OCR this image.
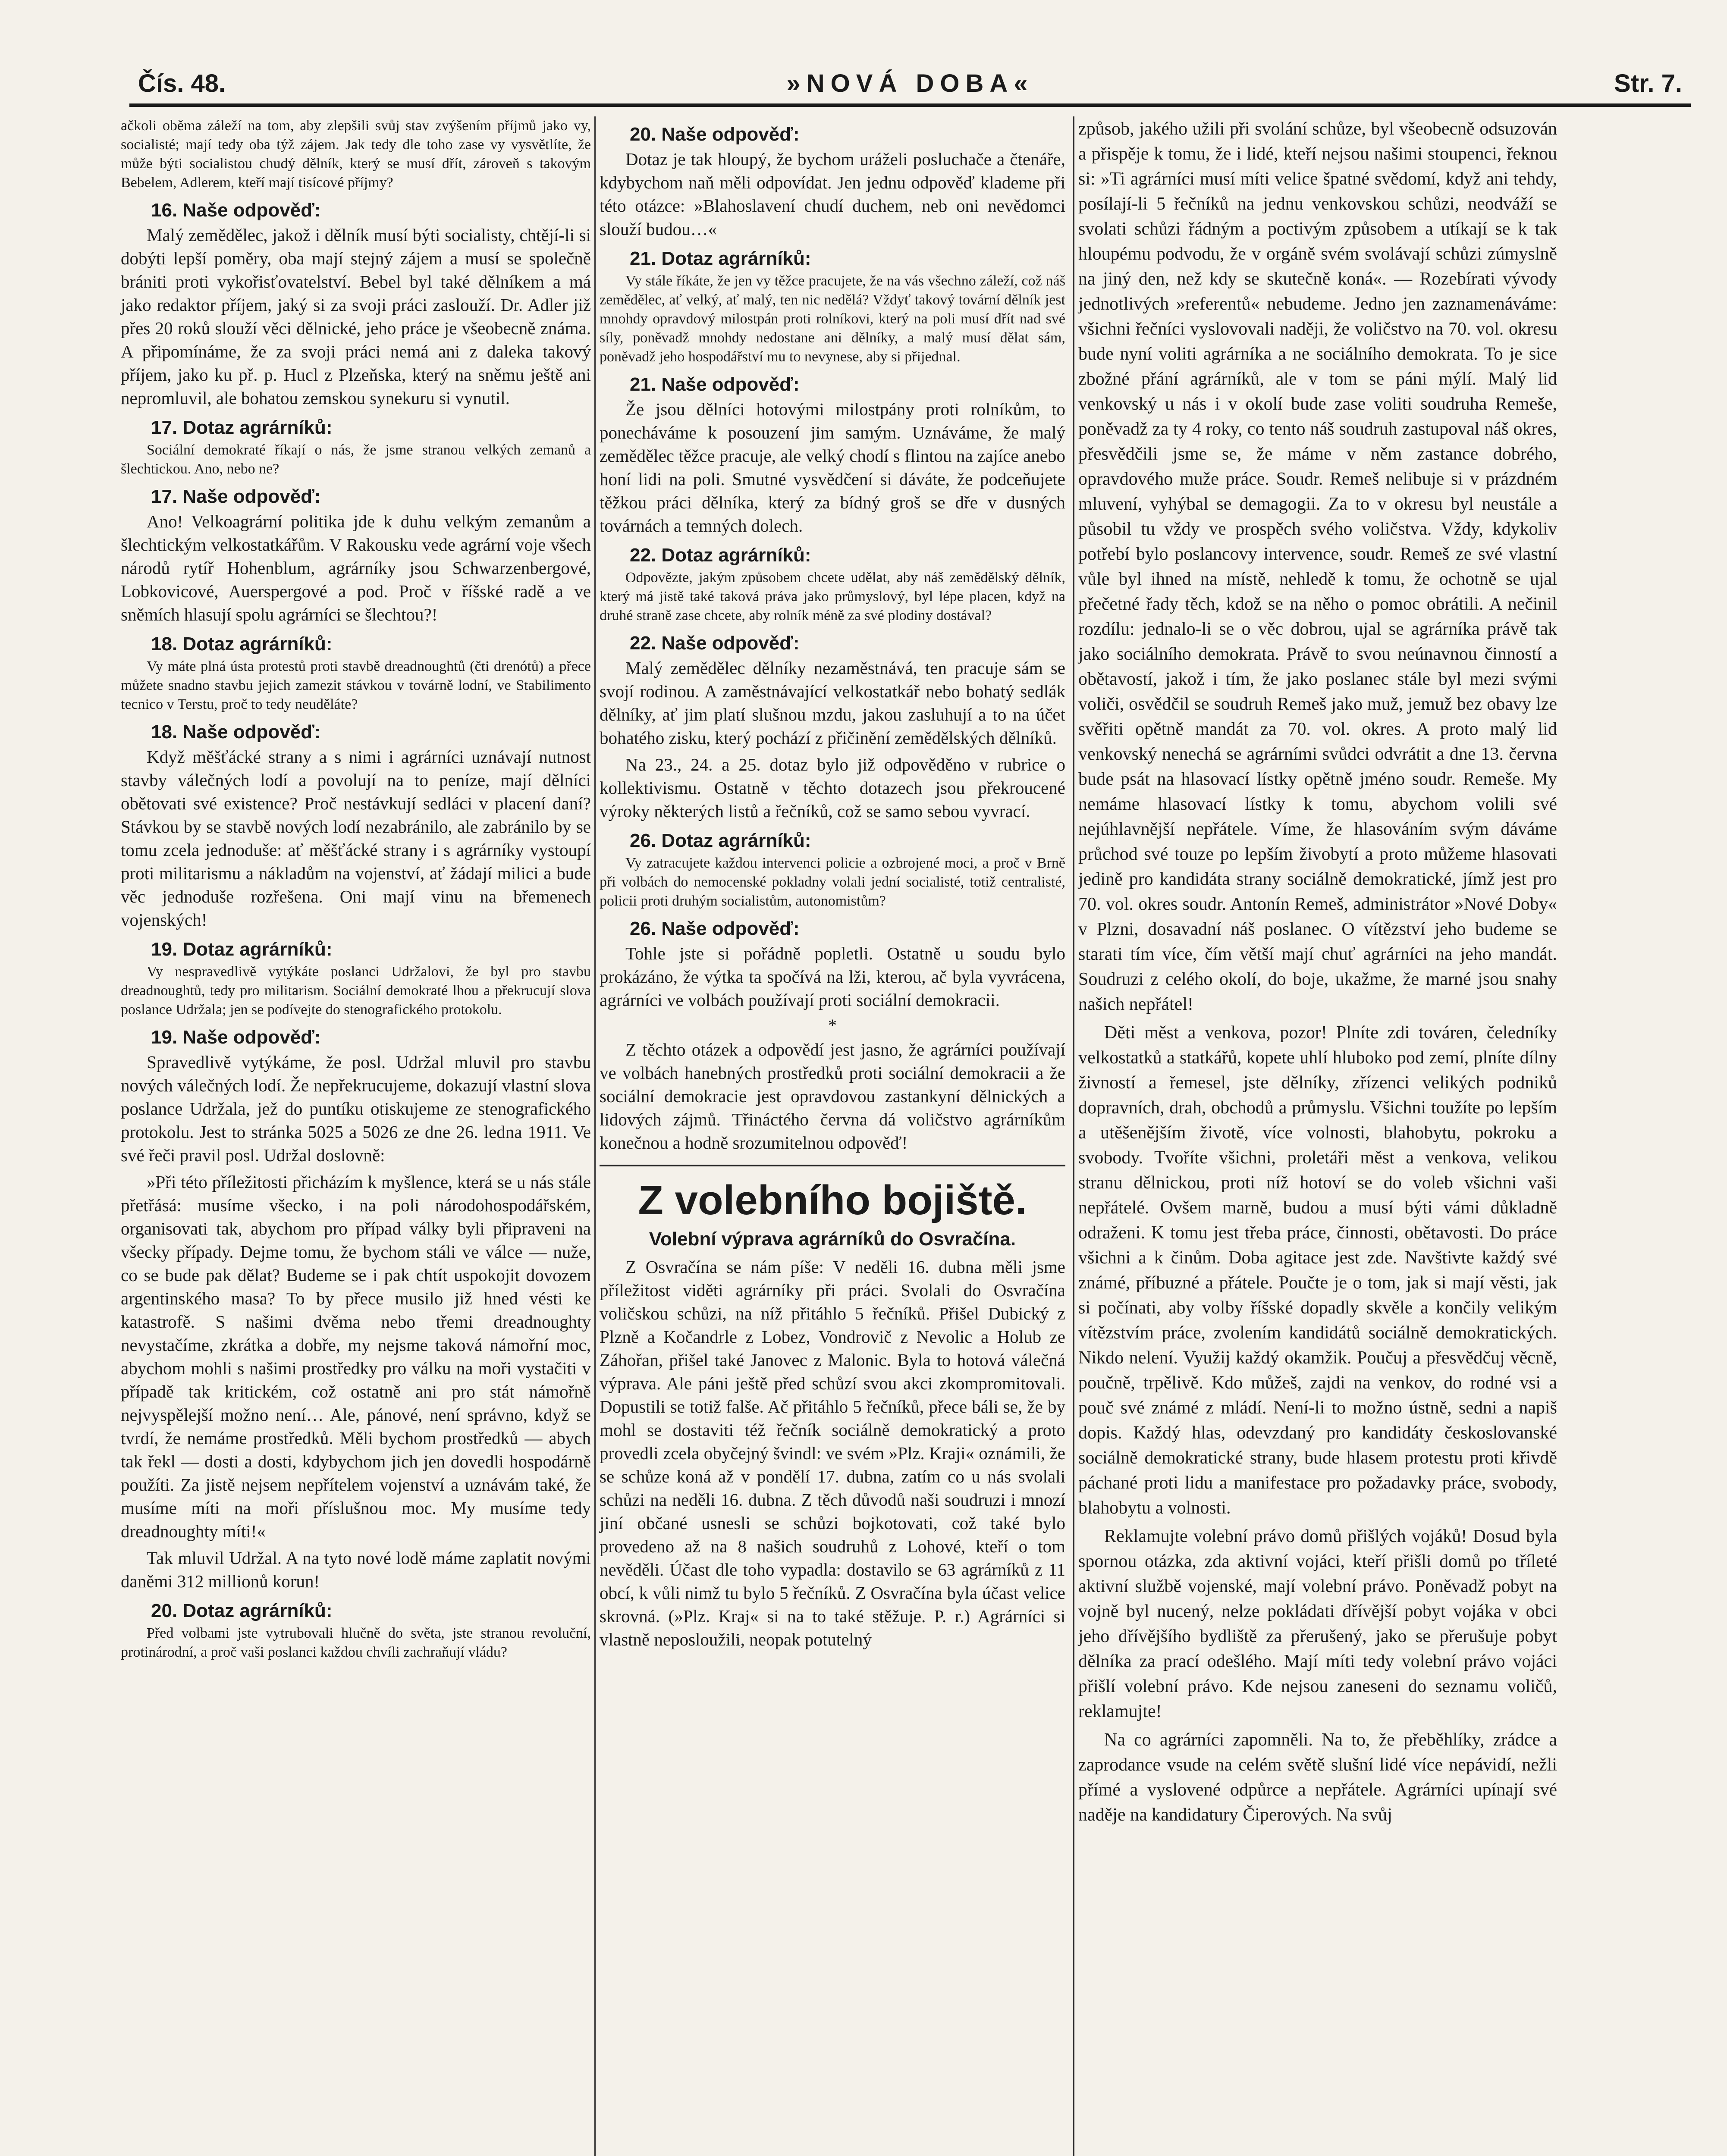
Čís. 48.	»NOVÁ DOBA«	Str. 7.

ačkoli oběma záleží na tom, aby zlepšili svůj stav zvýšením příjmů jako vy, socialisté; mají tedy oba týž zájem. Jak tedy dle toho zase vy vysvětlíte, že může býti socialistou chudý dělník, který se musí dřít, zároveň s takovým Bebelem, Adlerem, kteří mají tisícové příjmy?

16. Naše odpověď:

Malý zemědělec, jakož i dělník musí býti socialisty, chtějí-li si dobýti lepší poměry, oba mají stejný zájem a musí se společně brániti proti vykořisťovatelství. Bebel byl také dělníkem a má jako redaktor příjem, jaký si za svoji práci zaslouží. Dr. Adler již přes 20 roků slouží věci dělnické, jeho práce je všeobecně známa. A připomínáme, že za svoji práci nemá ani z daleka takový příjem, jako ku př. p. Hucl z Plzeňska, který na sněmu ještě ani nepromluvil, ale bohatou zemskou synekuru si vynutil.

17. Dotaz agrárníků:

Sociální demokraté říkají o nás, že jsme stranou velkých zemanů a šlechtickou. Ano, nebo ne?

17. Naše odpověď:

Ano! Velkoagrární politika jde k duhu velkým zemanům a šlechtickým velkostatkářům. V Rakousku vede agrární voje všech národů rytíř Hohenblum, agrárníky jsou Schwarzenbergové, Lobkovicové, Auerspergové a pod. Proč v říšské radě a ve sněmích hlasují spolu agrárníci se šlechtou?!

18. Dotaz agrárníků:

Vy máte plná ústa protestů proti stavbě dreadnoughtů (čti drenótů) a přece můžete snadno stavbu jejich zamezit stávkou v továrně lodní, ve Stabilimento tecnico v Terstu, proč to tedy neuděláte?

18. Naše odpověď:

Když měšťácké strany a s nimi i agrárníci uznávají nutnost stavby válečných lodí a povolují na to peníze, mají dělníci obětovati své existence? Proč nestávkují sedláci v placení daní? Stávkou by se stavbě nových lodí nezabránilo, ale zabránilo by se tomu zcela jednoduše: ať měšťácké strany i s agrárníky vystoupí proti militarismu a nákladům na vojenství, ať žádají milici a bude věc jednoduše rozřešena. Oni mají vinu na břemenech vojenských!

19. Dotaz agrárníků:

Vy nespravedlivě vytýkáte poslanci Udržalovi, že byl pro stavbu dreadnoughtů, tedy pro militarism. Sociální demokraté lhou a překrucují slova poslance Udržala; jen se podívejte do stenografického protokolu.

19. Naše odpověď:

Spravedlivě vytýkáme, že posl. Udržal mluvil pro stavbu nových válečných lodí. Že nepřekrucujeme, dokazují vlastní slova poslance Udržala, jež do puntíku otiskujeme ze stenografického protokolu. Jest to stránka 5025 a 5026 ze dne 26. ledna 1911. Ve své řeči pravil posl. Udržal doslovně:

»Při této příležitosti přicházím k myšlence, která se u nás stále přetřásá: musíme všecko, i na poli národohospodářském, organisovati tak, abychom pro případ války byli připraveni na všecky případy. Dejme tomu, že bychom stáli ve válce — nuže, co se bude pak dělat? Budeme se i pak chtít uspokojit dovozem argentinského masa? To by přece musilo již hned vésti ke katastrofě. S našimi dvěma nebo třemi dreadnoughty nevystačíme, zkrátka a dobře, my nejsme taková námořní moc, abychom mohli s našimi prostředky pro válku na moři vystačiti v případě tak kritickém, což ostatně ani pro stát námořně nejvyspělejší možno není… Ale, pánové, není správno, když se tvrdí, že nemáme prostředků. Měli bychom prostředků — abych tak řekl — dosti a dosti, kdybychom jich jen dovedli hospodárně použíti. Za jistě nejsem nepřítelem vojenství a uznávám také, že musíme míti na moři příslušnou moc. My musíme tedy dreadnoughty míti!«

Tak mluvil Udržal. A na tyto nové lodě máme zaplatit novými daněmi 312 millionů korun!

20. Dotaz agrárníků:

Před volbami jste vytrubovali hlučně do světa, jste stranou revoluční, protinárodní, a proč vaši poslanci každou chvíli zachraňují vládu?

20. Naše odpověď:

Dotaz je tak hloupý, že bychom uráželi posluchače a čtenáře, kdybychom naň měli odpovídat. Jen jednu odpověď klademe při této otázce: »Blahoslavení chudí duchem, neb oni nevědomci slouží budou…«

21. Dotaz agrárníků:

Vy stále říkáte, že jen vy těžce pracujete, že na vás všechno záleží, což náš zemědělec, ať velký, ať malý, ten nic nedělá? Vždyť takový tovární dělník jest mnohdy opravdový milostpán proti rolníkovi, který na poli musí dřít nad své síly, poněvadž mnohdy nedostane ani dělníky, a malý musí dělat sám, poněvadž jeho hospodářství mu to nevynese, aby si přijednal.

21. Naše odpověď:

Že jsou dělníci hotovými milostpány proti rolníkům, to ponecháváme k posouzení jim samým. Uznáváme, že malý zemědělec těžce pracuje, ale velký chodí s flintou na zajíce anebo honí lidi na poli. Smutné vysvědčení si dáváte, že podceňujete těžkou práci dělníka, který za bídný groš se dře v dusných továrnách a temných dolech.

22. Dotaz agrárníků:

Odpovězte, jakým způsobem chcete udělat, aby náš zemědělský dělník, který má jistě také taková práva jako průmyslový, byl lépe placen, když na druhé straně zase chcete, aby rolník méně za své plodiny dostával?

22. Naše odpověď:

Malý zemědělec dělníky nezaměstnává, ten pracuje sám se svojí rodinou. A zaměstnávající velkostatkář nebo bohatý sedlák dělníky, ať jim platí slušnou mzdu, jakou zasluhují a to na účet bohatého zisku, který pochází z přičinění zemědělských dělníků.

Na 23., 24. a 25. dotaz bylo již odpověděno v rubrice o kollektivismu. Ostatně v těchto dotazech jsou překroucené výroky některých listů a řečníků, což se samo sebou vyvrací.

26. Dotaz agrárníků:

Vy zatracujete každou intervenci policie a ozbrojené moci, a proč v Brně při volbách do nemocenské pokladny volali jední socialisté, totiž centralisté, policii proti druhým socialistům, autonomistům?

26. Naše odpověď:

Tohle jste si pořádně popletli. Ostatně u soudu bylo prokázáno, že výtka ta spočívá na lži, kterou, ač byla vyvrácena, agrárníci ve volbách používají proti sociální demokracii.

*

Z těchto otázek a odpovědí jest jasno, že agrárníci používají ve volbách hanebných prostředků proti sociální demokracii a že sociální demokracie jest opravdovou zastankyní dělnických a lidových zájmů. Třináctého června dá voličstvo agrárníkům konečnou a hodně srozumitelnou odpověď!

Z volebního bojiště.
Volební výprava agrárníků do Osvračína.

Z Osvračína se nám píše: V neděli 16. dubna měli jsme příležitost viděti agrárníky při práci. Svolali do Osvračína voličskou schůzi, na níž přitáhlo 5 řečníků. Přišel Dubický z Plzně a Kočandrle z Lobez, Vondrovič z Nevolic a Holub ze Záhořan, přišel také Janovec z Malonic. Byla to hotová válečná výprava. Ale páni ještě před schůzí svou akci zkompromitovali. Dopustili se totiž falše. Ač přitáhlo 5 řečníků, přece báli se, že by mohl se dostaviti též řečník sociálně demokratický a proto provedli zcela obyčejný švindl: ve svém »Plz. Kraji« oznámili, že se schůze koná až v pondělí 17. dubna, zatím co u nás svolali schůzi na neděli 16. dubna. Z těch důvodů naši soudruzi i mnozí jiní občané usnesli se schůzi bojkotovati, což také bylo provedeno až na 8 našich soudruhů z Lohové, kteří o tom nevěděli. Účast dle toho vypadla: dostavilo se 63 agrárníků z 11 obcí, k vůli nimž tu bylo 5 řečníků. Z Osvračína byla účast velice skrovná. (»Plz. Kraj« si na to také stěžuje. P. r.) Agrárníci si vlastně neposloužili, neopak potutelný

způsob, jakého užili při svolání schůze, byl všeobecně odsuzován a přispěje k tomu, že i lidé, kteří nejsou našimi stoupenci, řeknou si: »Ti agrárníci musí míti velice špatné svědomí, když ani tehdy, posílají-li 5 řečníků na jednu venkovskou schůzi, neodváží se svolati schůzi řádným a poctivým způsobem a utíkají se k tak hloupému podvodu, že v orgáně svém svolávají schůzi zúmyslně na jiný den, než kdy se skutečně koná«. — Rozebírati vývody jednotlivých »referentů« nebudeme. Jedno jen zaznamenáváme: všichni řečníci vyslovovali naději, že voličstvo na 70. vol. okresu bude nyní voliti agrárníka a ne sociálního demokrata. To je sice zbožné přání agrárníků, ale v tom se páni mýlí. Malý lid venkovský u nás i v okolí bude zase voliti soudruha Remeše, poněvadž za ty 4 roky, co tento náš soudruh zastupoval náš okres, přesvědčili jsme se, že máme v něm zastance dobrého, opravdového muže práce. Soudr. Remeš nelibuje si v prázdném mluvení, vyhýbal se demagogii. Za to v okresu byl neustále a působil tu vždy ve prospěch svého voličstva. Vždy, kdykoliv potřebí bylo poslancovy intervence, soudr. Remeš ze své vlastní vůle byl ihned na místě, nehledě k tomu, že ochotně se ujal přečetné řady těch, kdož se na něho o pomoc obrátili. A nečinil rozdílu: jednalo-li se o věc dobrou, ujal se agrárníka právě tak jako sociálního demokrata. Právě to svou neúnavnou činností a obětavostí, jakož i tím, že jako poslanec stále byl mezi svými voliči, osvědčil se soudruh Remeš jako muž, jemuž bez obavy lze svěřiti opětně mandát za 70. vol. okres. A proto malý lid venkovský nenechá se agrárními svůdci odvrátit a dne 13. června bude psát na hlasovací lístky opětně jméno soudr. Remeše. My nemáme hlasovací lístky k tomu, abychom volili své nejúhlavnější nepřátele. Víme, že hlasováním svým dáváme průchod své touze po lepším živobytí a proto můžeme hlasovati jedině pro kandidáta strany sociálně demokratické, jímž jest pro 70. vol. okres soudr. Antonín Remeš, administrátor »Nové Doby« v Plzni, dosavadní náš poslanec. O vítězství jeho budeme se starati tím více, čím větší mají chuť agrárníci na jeho mandát. Soudruzi z celého okolí, do boje, ukažme, že marné jsou snahy našich nepřátel!

Děti měst a venkova, pozor! Plníte zdi továren, čeledníky velkostatků a statkářů, kopete uhlí hluboko pod zemí, plníte dílny živností a řemesel, jste dělníky, zřízenci velikých podniků dopravních, drah, obchodů a průmyslu. Všichni toužíte po lepším a utěšenějším životě, více volnosti, blahobytu, pokroku a svobody. Tvoříte všichni, proletáři měst a venkova, velikou stranu dělnickou, proti níž hotoví se do voleb všichni vaši nepřátelé. Ovšem marně, budou a musí býti vámi důkladně odraženi. K tomu jest třeba práce, činnosti, obětavosti. Do práce všichni a k činům. Doba agitace jest zde. Navštivte každý své známé, příbuzné a přátele. Poučte je o tom, jak si mají věsti, jak si počínati, aby volby říšské dopadly skvěle a končily velikým vítězstvím práce, zvolením kandidátů sociálně demokratických. Nikdo nelení. Využij každý okamžik. Poučuj a přesvědčuj věcně, poučně, trpělivě. Kdo můžeš, zajdi na venkov, do rodné vsi a pouč své známé z mládí. Není-li to možno ústně, sedni a napiš dopis. Každý hlas, odevzdaný pro kandidáty českoslovanské sociálně demokratické strany, bude hlasem protestu proti křivdě páchané proti lidu a manifestace pro požadavky práce, svobody, blahobytu a volnosti.

Reklamujte volební právo domů přišlých vojáků! Dosud byla spornou otázka, zda aktivní vojáci, kteří přišli domů po tříleté aktivní službě vojenské, mají volební právo. Poněvadž pobyt na vojně byl nucený, nelze pokládati dřívější pobyt vojáka v obci jeho dřívějšího bydliště za přerušený, jako se přerušuje pobyt dělníka za prací odešlého. Mají míti tedy volební právo vojáci přišlí volební právo. Kde nejsou zaneseni do seznamu voličů, reklamujte!

Na co agrárníci zapomněli. Na to, že přeběhlíky, zrádce a zaprodance vsude na celém světě slušní lidé více nepávidí, nežli přímé a vyslovené odpůrce a nepřátele. Agrárníci upínají své naděje na kandidatury Čiperových. Na svůj
